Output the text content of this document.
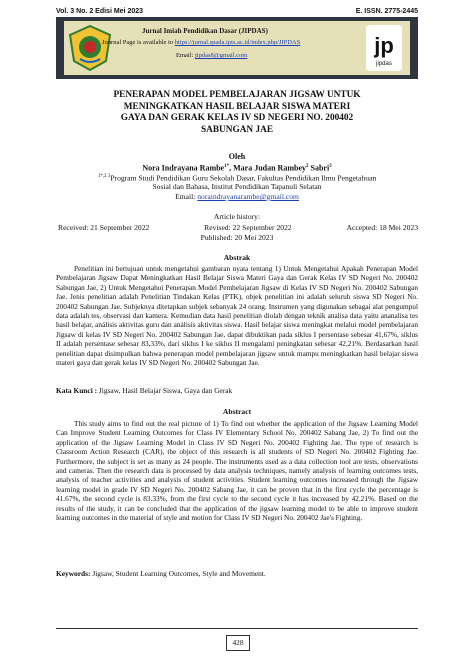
Vol. 3 No. 2 Edisi Mei 2023	E. ISSN. 2775-2445
Jurnal Imiah Pendidikan Dasar (JIPDAS)
Journal Page is available to https://jurnal.spada.ipts.ac.id/index.php/JIPDAS
Email: jipdas8@gmail.com	jp
jipdas
PENERAPAN MODEL PEMBELAJARAN JIGSAW UNTUK
MENINGKATKAN HASIL BELAJAR SISWA MATERI
GAYA DAN GERAK KELAS IV SD NEGERI NO. 200402
SABUNGAN JAE
Oleh
Nora Indrayana Rambe$^{1*}$, Mara Judan Rambey$^2$ Sabri$^3$
$^{1*,2 3}$Program Studi Pendidikan Guru Sekolah Dasar, Fakultas Pendidikan Ilmu Pengetahuan
Sosial dan Bahasa, Institut Pendidikan Tapanuli Selatan
Email: noraindrayanarambe@gmail.com
Article history:
Received: 21 September 2022	Revised: 22 September 2022	Accepted: 18 Mei 2023
Published: 20 Mei 2023
Abstrak

Penelitian ini bertujuan untuk mengetahui gambaran nyata tentang 1) Untuk Mengetahui Apakah Penerapan Model Pembelajaran Jigsaw Dapat Meningkatkan Hasil Belajar Siswa Materi Gaya dan Gerak Kelas IV SD Negeri No. 200402 Sabungan Jae, 2) Untuk Mengetahui Penerapan Model Pembelajaran Jigsaw di Kelas IV SD Negeri No. 200402 Sabungan Jae. Jenis penelitian adalah Penelitian Tindakan Kelas (PTK), objek penelitian ini adalah seluruh siswa SD Negeri No. 200402 Sabungan Jae. Subjeknya ditetapkan subjek sebanyak 24 orang. Instrumen yang digunakan sebagai alat pengumpul data adalah tes, observasi dan kamera. Kemudian data hasil penelitian diolah dengan teknik analisa data yaitu ananalisa tes hasil belajar, análisis aktivitas guru dan análisis aktivitas siswa. Hasil belajar siswa meningkat melalui model pembelajaran Jigsaw di kelas IV SD Negeri No. 200402 Sabungan Jae, dapat dibuktikan pada siklus I persentase sebesar 41,67%, siklus II adalah persentase sebesar 83,33%, dari siklus I ke siklus II mengalami peningkatan sebesar 42,21%. Berdasarkan hasil penelitian dapat disimpulkan bahwa penerapan model pembelajaran jigsaw untuk mampu meningkatkan hasil belajar siswa materi gaya dan gerak kelas IV SD Negeri No. 200402 Sabungan Jae.

Kata Kunci : Jigsaw, Hasil Belajar Siswa, Gaya dan Gerak
Abstract

This study aims to find out the real picture of 1) To find out whether the application of the Jigsaw Learning Model Can Improve Student Learning Outcomes for Class IV Elementary School No. 200402 Sabang Jae, 2) To find out the application of the Jigsaw Learning Model in Class IV SD Negeri No. 200402 Fighting Jae. The type of research is Classroom Action Research (CAR), the object of this research is all students of SD Negeri No. 200402 Fighting Jae. Furthermore, the subject is set as many as 24 people. The instruments used as a data collection tool are tests, observations and cameras. Then the research data is processed by data analysis techniques, namely analysis of learning outcomes tests, analysis of teacher activities and analysis of student activities. Student learning outcomes increased through the Jigsaw learning model in grade IV SD Negeri No. 200402 Sabang Jae, it can be proven that in the first cycle the percentage is 41.67%, the second cycle is 83.33%, from the first cycle to the second cycle it has increased by 42.21%. Based on the results of the study, it can be concluded that the application of the jigsaw learning model to be able to improve student learning outcomes in the material of style and motion for Class IV SD Negeri No. 200402 Jae's Fighting.

Keywords: Jigsaw, Student Learning Outcomes, Style and Movement.
428
